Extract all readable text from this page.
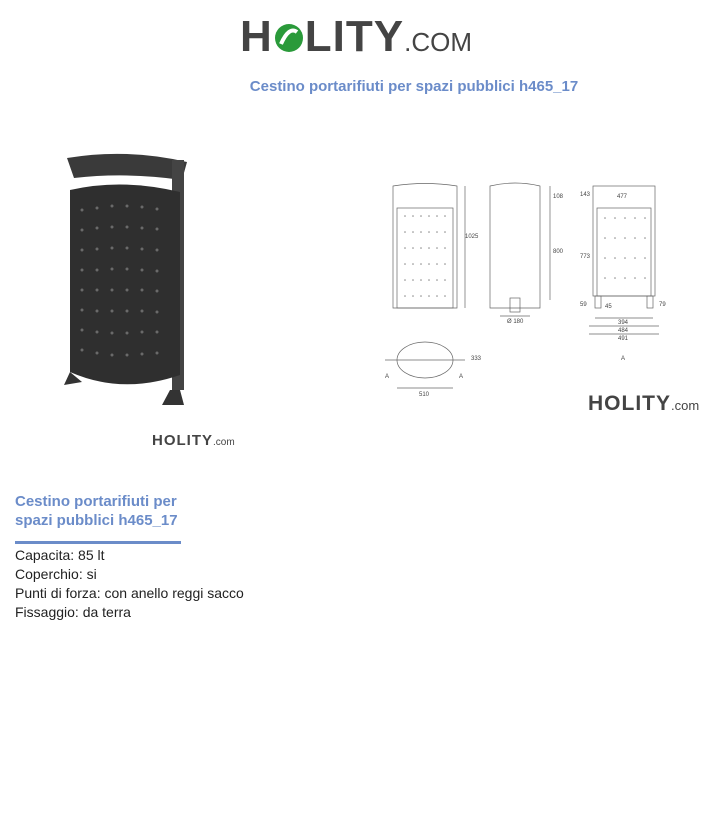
H LITY .COM
Cestino portarifiuti per spazi pubblici h465_17
HOLITY .com
1025
108
800
143	477
773
59	45
394
484
491
Ø 180
333
510
79
A	A
A
HOLITY .com
Cestino portarifiuti per
spazi pubblici h465_17
Capacita: 85 lt
Coperchio: si
Punti di forza: con anello reggi sacco
Fissaggio: da terra
